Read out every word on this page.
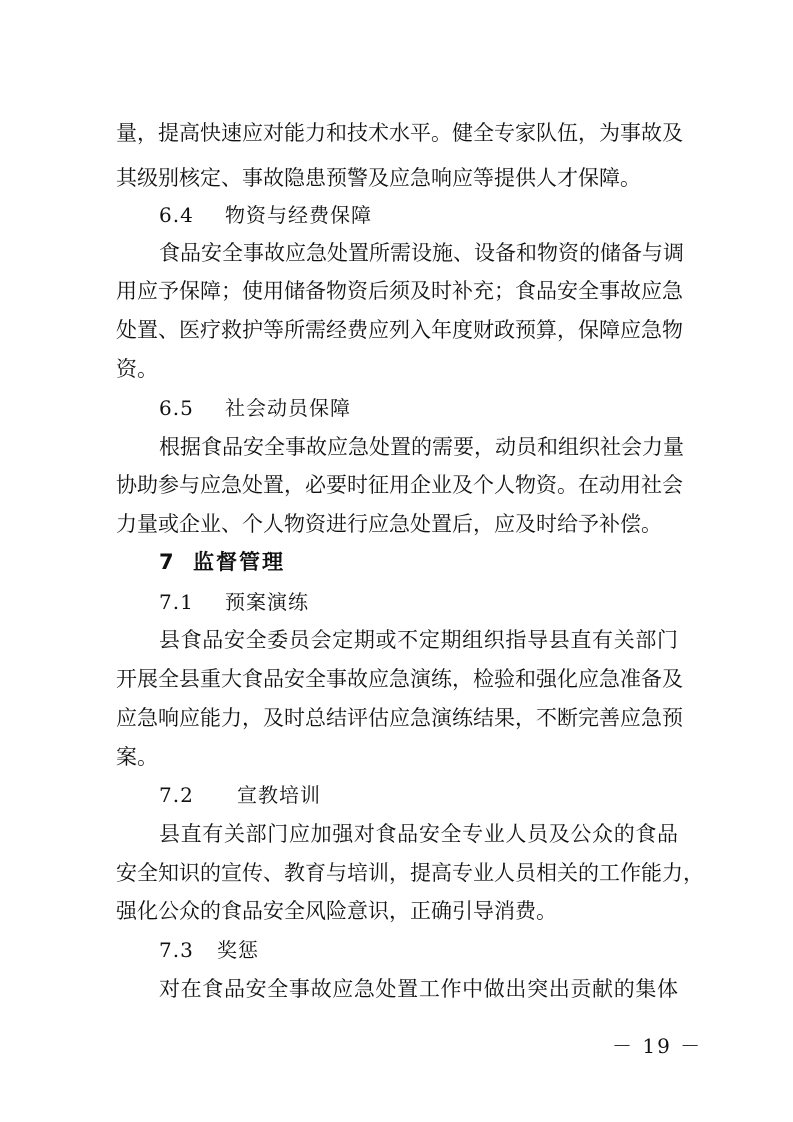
量，提高快速应对能力和技术水平。健全专家队伍，为事故及
其级别核定、事故隐患预警及应急响应等提供人才保障。
6.4 物资与经费保障
食品安全事故应急处置所需设施、设备和物资的储备与调
用应予保障；使用储备物资后须及时补充；食品安全事故应急
处置、医疗救护等所需经费应列入年度财政预算，保障应急物
资。
6.5 社会动员保障
根据食品安全事故应急处置的需要，动员和组织社会力量
协助参与应急处置，必要时征用企业及个人物资。在动用社会
力量或企业、个人物资进行应急处置后，应及时给予补偿。
7 监督管理
7.1 预案演练
县食品安全委员会定期或不定期组织指导县直有关部门
开展全县重大食品安全事故应急演练，检验和强化应急准备及
应急响应能力，及时总结评估应急演练结果，不断完善应急预
案。
7.2 宣教培训
县直有关部门应加强对食品安全专业人员及公众的食品
安全知识的宣传、教育与培训，提高专业人员相关的工作能力，
强化公众的食品安全风险意识，正确引导消费。
7.3 奖惩
对在食品安全事故应急处置工作中做出突出贡献的集体
－ 19 －
